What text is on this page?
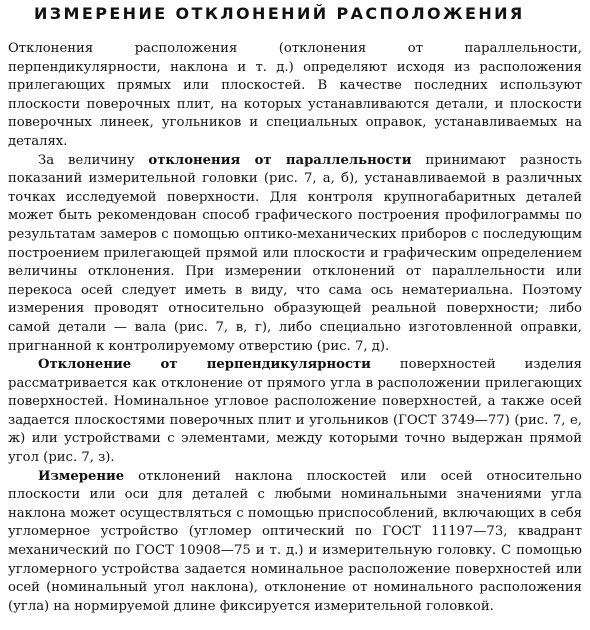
ИЗМЕРЕНИЕ ОТКЛОНЕНИЙ РАСПОЛОЖЕНИЯ

Отклонения расположения (отклонения от параллельности, перпендикулярности, наклона и т. д.) определяют исходя из расположения прилегающих прямых или плоскостей. В качестве последних используют плоскости поверочных плит, на которых устанавливаются детали, и плоскости поверочных линеек, угольников и специальных оправок, устанавливаемых на деталях.

За величину отклонения от параллельности принимают разность показаний измерительной головки (рис. 7, а, б), устанавливаемой в различных точках исследуемой поверхности. Для контроля крупногабаритных деталей может быть рекомендован способ графического построения профилограммы по результатам замеров с помощью оптико-механических приборов с последующим построением прилегающей прямой или плоскости и графическим определением величины отклонения. При измерении отклонений от параллельности или перекоса осей следует иметь в виду, что сама ось нематериальна. Поэтому измерения проводят относительно образующей реальной поверхности; либо самой детали — вала (рис. 7, в, г), либо специально изготовленной оправки, пригнанной к контролируемому отверстию (рис. 7, д).

Отклонение от перпендикулярности поверхностей изделия рассматривается как отклонение от прямого угла в расположении прилегающих поверхностей. Номинальное угловое расположение поверхностей, а также осей задается плоскостями поверочных плит и угольников (ГОСТ 3749—77) (рис. 7, е, ж) или устройствами с элементами, между которыми точно выдержан прямой угол (рис. 7, з).

Измерение отклонений наклона плоскостей или осей относительно плоскости или оси для деталей с любыми номинальными значениями угла наклона может осуществляться с помощью приспособлений, включающих в себя угломерное устройство (угломер оптический по ГОСТ 11197—73, квадрант механический по ГОСТ 10908—75 и т. д.) и измерительную головку. С помощью угломерного устройства задается номинальное расположение поверхностей или осей (номинальный угол наклона), отклонение от номинального расположения (угла) на нормируемой длине фиксируется измерительной головкой.
